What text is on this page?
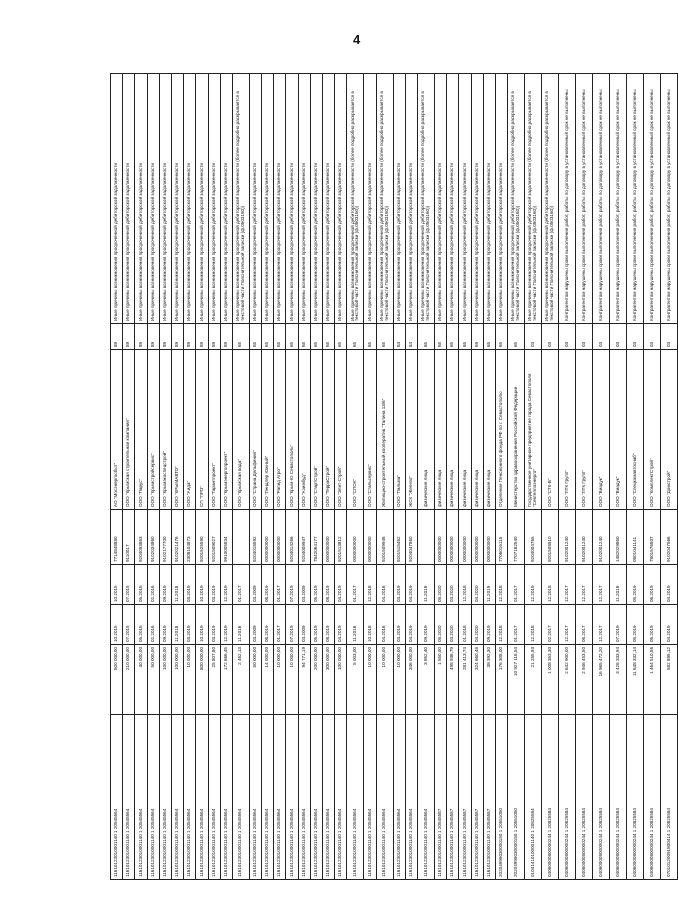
4
11610123010001140 1 20545564	500 000,00	10.2015	10.2015	7714848880	АО "Мосэнергосбыт"	89	Иные причины возникновения просроченной дебиторской задолженности
11610123010001140 1 20545564	210 000,00	07.2015	07.2015	9110017	ООО "Крымская строительная компания"	89	Иные причины возникновения просроченной дебиторской задолженности
11610123010001140 1 20545564	40 000,00	05.2015	05.2015	9204093863	ООО "Парус"	89	Иные причины возникновения просроченной дебиторской задолженности
11610123010001140 1 20545564	50 000,00	02.2016	02.2016	9102034860	ООО "Крымстройсервис"	89	Иные причины возникновения просроченной дебиторской задолженности
11610123010001140 1 20545564	100 000,00	09.2019	09.2019	9102177700	ООО "Крымэкоспецстрой"	89	Иные причины возникновения просроченной дебиторской задолженности
11610123010001140 1 20545564	100 000,00	11.2018	11.2018	9102021476	ООО "КРЫМАВТО"	89	Иные причины возникновения просроченной дебиторской задолженности
11610123010001140 1 20545564	10 000,00	03.2019	03.2019	2308104873	ООО "Аида"	89	Иные причины возникновения просроченной дебиторской задолженности
11610123010001140 1 20545564	800 000,00	10.2019	10.2019	9201525590	СП "ПРО"	89	Иные причины возникновения просроченной дебиторской задолженности
11610123010001140 1 20545564	25 807,80	03.2019	03.2019	9201509027	ООО "Гарантпроект"	89	Иные причины возникновения просроченной дебиторской задолженности
11610123010001140 1 20545564	172 666,45	12.2019	12.2019	9910005834	ООО "Крымэнергопроект"	89	Иные причины возникновения просроченной дебиторской задолженности
11610123010001140 1 20545564	2 462,13	11.2016	01.2017		ООО "Крымская вода"	65	Иные причины возникновения просроченной дебиторской задолженности (более подробно раскрывается в текстовой части Пояснительной записки (ф.0503160))
11610123010001140 1 20545564	50 000,00	03.2009	03.2009	9204018592	ООО "Страна Дельфиния"	65	Иные причины возникновения просроченной дебиторской задолженности
11610123010001140 1 20545564	14 000,00	06.2019	06.2019	0000000000	ООО "Лендлер Южный"	65	Иные причины возникновения просроченной дебиторской задолженности
11610123010001140 1 20545564	10 000,00	01.2017	01.2017	0000000000	ООО "Рапид Агро"	65	Иные причины возникновения просроченной дебиторской задолженности
11610123010001140 1 20545564	10 000,00	07.2019	07.2019	9204014266	ООО "Крым-Ю Севастополь"	65	Иные причины возникновения просроченной дебиторской задолженности
11610123010001140 1 20545564	94 771,19	03.2009	03.2009	9204009947	ООО "Азимбуд"	65	Иные причины возникновения просроченной дебиторской задолженности
11610123010001140 1 20545564	200 000,00	05.2019	05.2019	7842064177	ООО "СтартСтрой"	65	Иные причины возникновения просроченной дебиторской задолженности
11610123010001140 1 20545564	300 000,00	08.2019	08.2019	0000000000	ООО "ТерраСтрой"	65	Иные причины возникновения просроченной дебиторской задолженности
11610123010001140 1 20545564	100 000,00	04.2019	04.2019	9201513812	ООО "Элит-Строй"	65	Иные причины возникновения просроченной дебиторской задолженности
11610123010001140 1 20545564	5 003,00	11.2016	01.2017	0000000000	ООО "СПОК"	65	Иные причины возникновения просроченной дебиторской задолженности (более подробно раскрывается в текстовой части Пояснительной записки (ф.0503160))
11610123010001140 1 20545564	10 000,00	10.2018	12.2018	0000000000	ООО "Стальсервис"	65	Иные причины возникновения просроченной дебиторской задолженности
11610123010001140 1 20545564	10 000,00	04.2016	04.2016	9201509946	Жилищно-строительный кооператив "Талина 13/6"	65	Иные причины возникновения просроченной дебиторской задолженности (более подробно раскрывается в текстовой части Пояснительной записки (ф.0503160))
11610123010001140 1 20545564	10 000,00	03.2019	03.2019	9201515462	ООО "Пальма"	84	Иные причины возникновения просроченной дебиторской задолженности
11610123010001140 1 20545564	346 000,00	04.2019	04.2019	9204047860	ЖСК "Железо"	84	Иные причины возникновения просроченной дебиторской задолженности
11610123010001140 1 20545564	3 852,40	09.2019	11.2019		физические лица	65	Иные причины возникновения просроченной дебиторской задолженности (более подробно раскрывается в текстовой части Пояснительной записки (ф.0503160))
11610123010001140 1 20545587	1 550,00	05.2020	05.2020	0000000000	физические лица	65	Иные причины возникновения просроченной дебиторской задолженности
11610123010001140 1 20545587	498 936,79	03.2020	03.2020	0000000000	физические лица	65	Иные причины возникновения просроченной дебиторской задолженности
11610123010001140 1 20545587	281 413,74	01.2018	12.2018	0000000000	физические лица	65	Иные причины возникновения просроченной дебиторской задолженности
11610123010001140 1 20545587	324 660,48	04.2020	04.2020	0000000000	физические лица	69	Иные причины возникновения просроченной дебиторской задолженности
11610123010001140 1 20545587	38 392,30	09.2019	11.2019	0000000000	физические лица	65	Иные причины возникновения просроченной дебиторской задолженности
20204999030000150 1 20551050	176 308,00	12.2018	12.2018	7706016115	Отделение Пенсионного фонда РФ по г. Севастополю	65	Иные причины возникновения просроченной дебиторской задолженности
20204999030000150 1 20551050	10 927 116,54	01.2017	01.2017	7707182540	Министерство здравоохранения Российской Федерации	65	Иные причины возникновения просроченной дебиторской задолженности (более подробно раскрывается в текстовой части Пояснительной записки (ф.0503160))
01041410100001140 1 20825584	21 255,93	12.2018	12.2019	9204004765	Государственное унитарное предприятие города Севастополя "Севтеплоэнерго"	03	Иные причины возникновения просроченной дебиторской задолженности (более подробно раскрывается в текстовой части Пояснительной записки (ф.0503160))
04060000800000244 1 20825584	1 008 353,30	02.2017	12.2018	9201508910	ООО "СТК-В"	03	Иные причины возникновения просроченной дебиторской задолженности (более подробно раскрывается в текстовой части Пояснительной записки (ф.0503160))
04060000800000244 1 20825584	2 642 900,00	12.2017	12.2017	9102001240	ООО "ЛТК Групп"	03	Контрагентом нарушены сроки выполнения работ, работы по договору в установленный срок не выполнены
04060000800000244 1 20825584	2 946 453,50	06.2017	12.2017	9102001240	ООО "ЛТК Групп"	03	Контрагентом нарушены сроки выполнения работ, работы по договору в установленный срок не выполнены
04060000800000244 1 20825584	16 965 472,20	12.2017	12.2017	9102001240	ООО "Виадук"	03	Контрагентом нарушены сроки выполнения работ, работы по договору в установленный срок не выполнены
04060000800000244 1 20825584	3 426 333,94	07.2019	11.2019	1482029860	ООО "Виадук"	03	Контрагентом нарушены сроки выполнения работ, работы по договору в установленный срок не выполнены
04060000800000244 1 20825584	11 648 332,14	05.2019	05.2019	0801041141	ООО "Спецкомавтоснаб"	03	Контрагентом нарушены сроки выполнения работ, работы по договору в установленный срок не выполнены
04060000800000244 1 20825584	1 464 510,56	05.2019	06.2019	7801576507	ООО "КомплектСтрой"	03	Контрагентом нарушены сроки выполнения работ, работы по договору в установленный срок не выполнены
07010120091800414 1 20825584	582 895,12	04.2019	04.2019	9102047566	ООО "Домстрой"	03	Контрагентом нарушены сроки выполнения работ, работы по договору в установленный срок не выполнены
